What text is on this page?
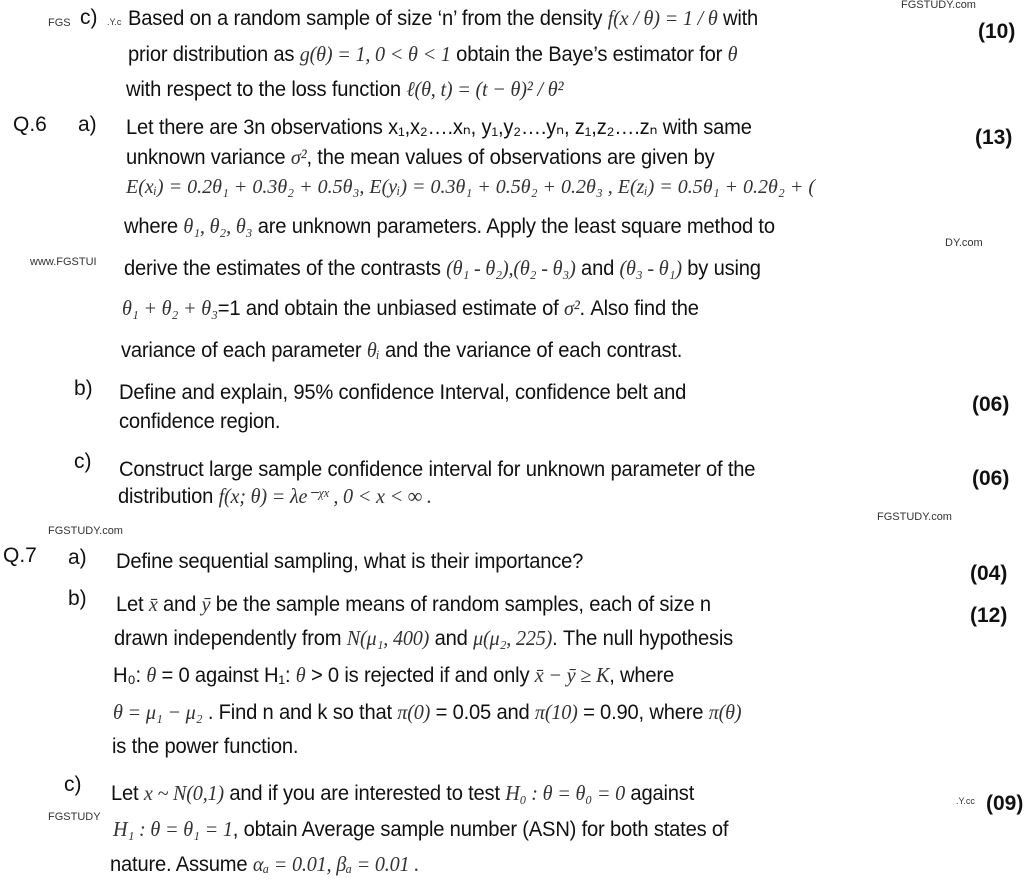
FGSTUDY.com
FGS	.Y.c
DY.com
www.FGSTUI
FGSTUDY.com
FGSTUDY.com
.Y.cc
FGSTUDY
c) Based on a random sample of size ‘n’ from the density f(x / θ) = 1 / θ with
(10)
prior distribution as g(θ) = 1, 0 < θ < 1 obtain the Baye’s estimator for θ
with respect to the loss function ℓ(θ, t) = (t − θ)² / θ²
Q.6 a) Let there are 3n observations x₁,x₂….xₙ, y₁,y₂….yₙ, z₁,z₂….zₙ with same	(13)
unknown variance σ², the mean values of observations are given by
E(xᵢ) = 0.2θ₁ + 0.3θ₂ + 0.5θ₃, E(yᵢ) = 0.3θ₁ + 0.5θ₂ + 0.2θ₃ , E(zᵢ) = 0.5θ₁ + 0.2θ₂ + (
where θ₁, θ₂, θ₃ are unknown parameters. Apply the least square method to
derive the estimates of the contrasts (θ₁ - θ₂),(θ₂ - θ₃) and (θ₃ - θ₁) by using
θ₁ + θ₂ + θ₃=1 and obtain the unbiased estimate of σ². Also find the
variance of each parameter θᵢ and the variance of each contrast.
b) Define and explain, 95% confidence Interval, confidence belt and
(06)
confidence region.
c) Construct large sample confidence interval for unknown parameter of the	(06)
distribution f(x; θ) = λe⁻ᵡˣ , 0 < x < ∞ .
Q.7 a) Define sequential sampling, what is their importance?
(04)
b) Let x̄ and ȳ be the sample means of random samples, each of size n	(12)
drawn independently from N(μ₁, 400) and μ(μ₂, 225). The null hypothesis
H₀: θ = 0 against H₁: θ > 0 is rejected if and only x̄ − ȳ ≥ K, where
θ = μ₁ − μ₂ . Find n and k so that π(0) = 0.05 and π(10) = 0.90, where π(θ)
is the power function.
c) Let x ~ N(0,1) and if you are interested to test H₀ : θ = θ₀ = 0 against	(09)
H₁ : θ = θ₁ = 1, obtain Average sample number (ASN) for both states of
nature. Assume αₐ = 0.01, βₐ = 0.01 .
